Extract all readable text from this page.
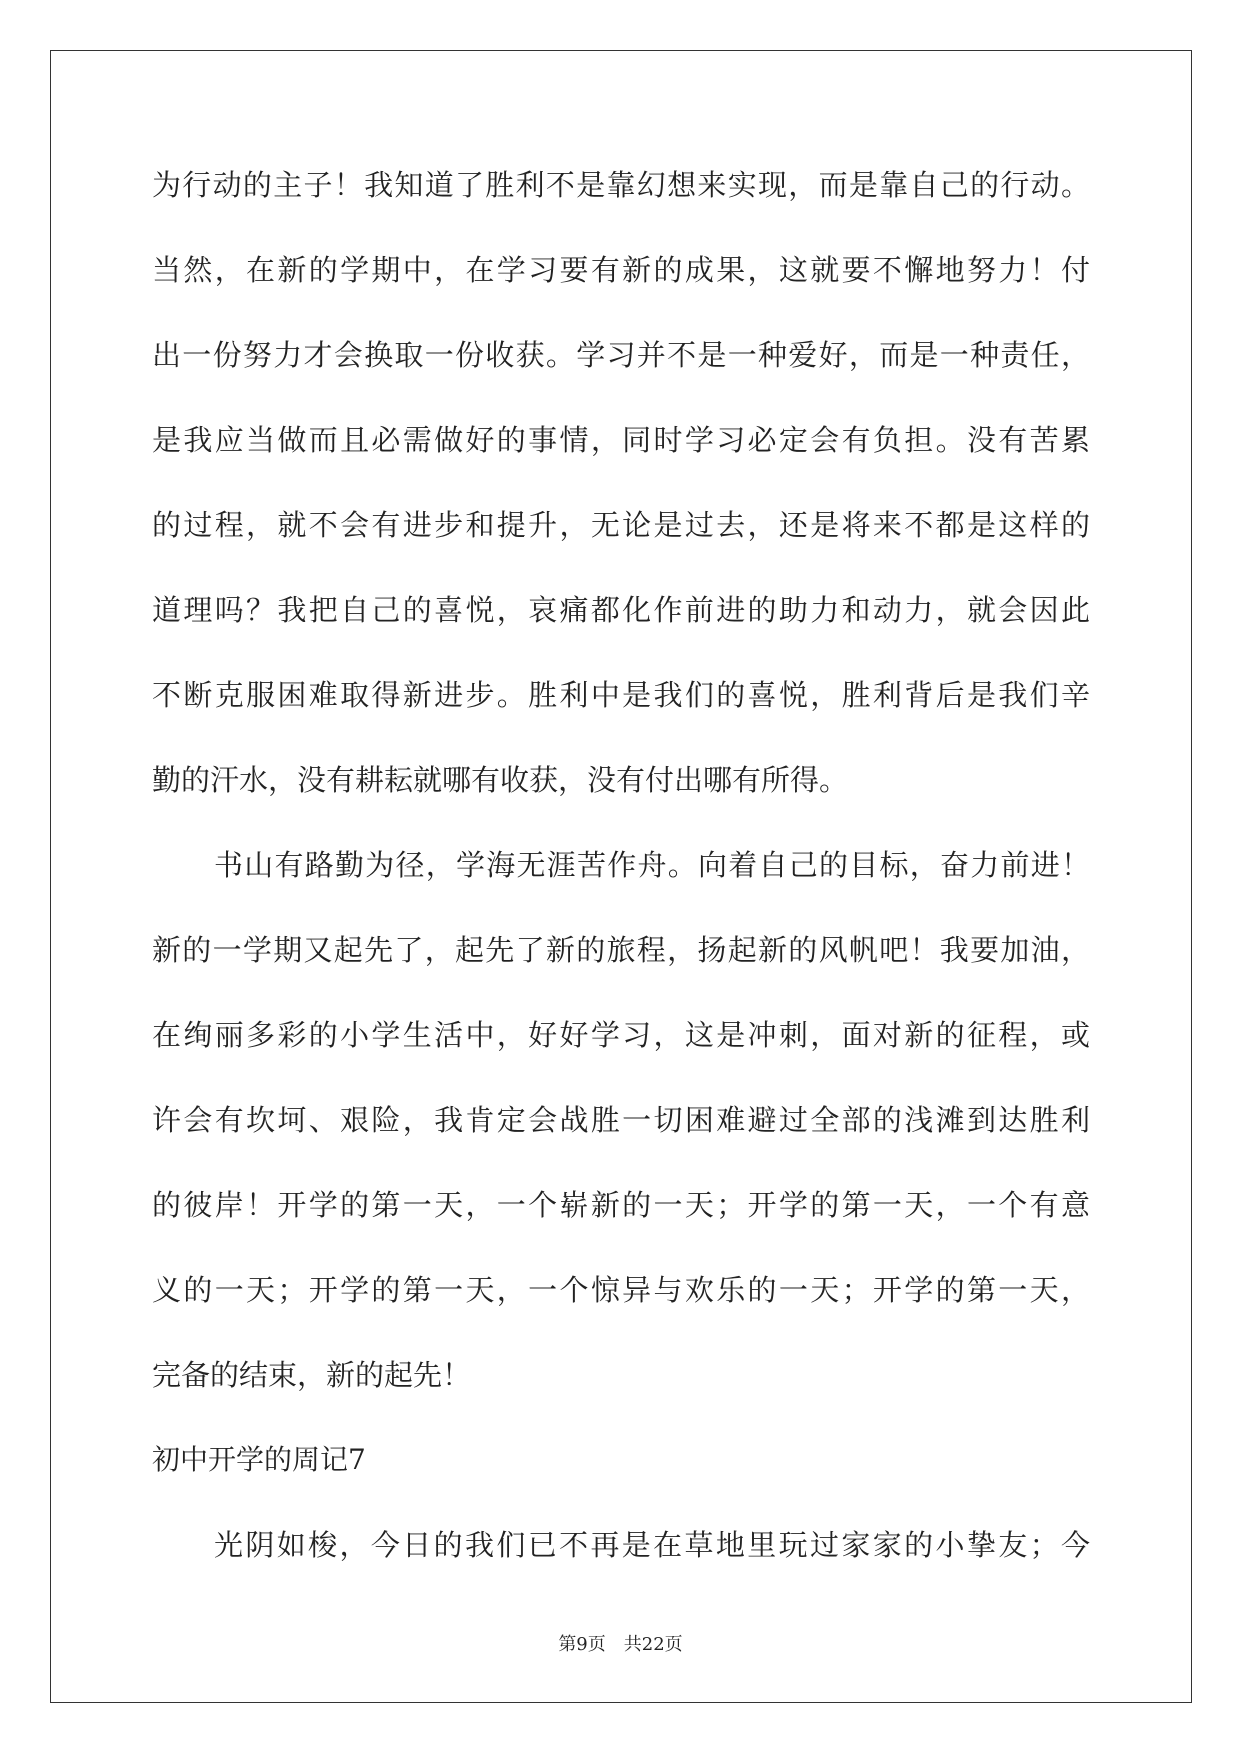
为行动的主子！我知道了胜利不是靠幻想来实现，而是靠自己的行动。
当然，在新的学期中，在学习要有新的成果，这就要不懈地努力！付
出一份努力才会换取一份收获。学习并不是一种爱好，而是一种责任，
是我应当做而且必需做好的事情，同时学习必定会有负担。没有苦累
的过程，就不会有进步和提升，无论是过去，还是将来不都是这样的
道理吗？我把自己的喜悦，哀痛都化作前进的助力和动力，就会因此
不断克服困难取得新进步。胜利中是我们的喜悦，胜利背后是我们辛
勤的汗水，没有耕耘就哪有收获，没有付出哪有所得。
书山有路勤为径，学海无涯苦作舟。向着自己的目标，奋力前进！
新的一学期又起先了，起先了新的旅程，扬起新的风帆吧！我要加油，
在绚丽多彩的小学生活中，好好学习，这是冲刺，面对新的征程，或
许会有坎坷、艰险，我肯定会战胜一切困难避过全部的浅滩到达胜利
的彼岸！开学的第一天，一个崭新的一天；开学的第一天，一个有意
义的一天；开学的第一天，一个惊异与欢乐的一天；开学的第一天，
完备的结束，新的起先！
初中开学的周记7
光阴如梭，今日的我们已不再是在草地里玩过家家的小挚友；今
第9页　共22页
